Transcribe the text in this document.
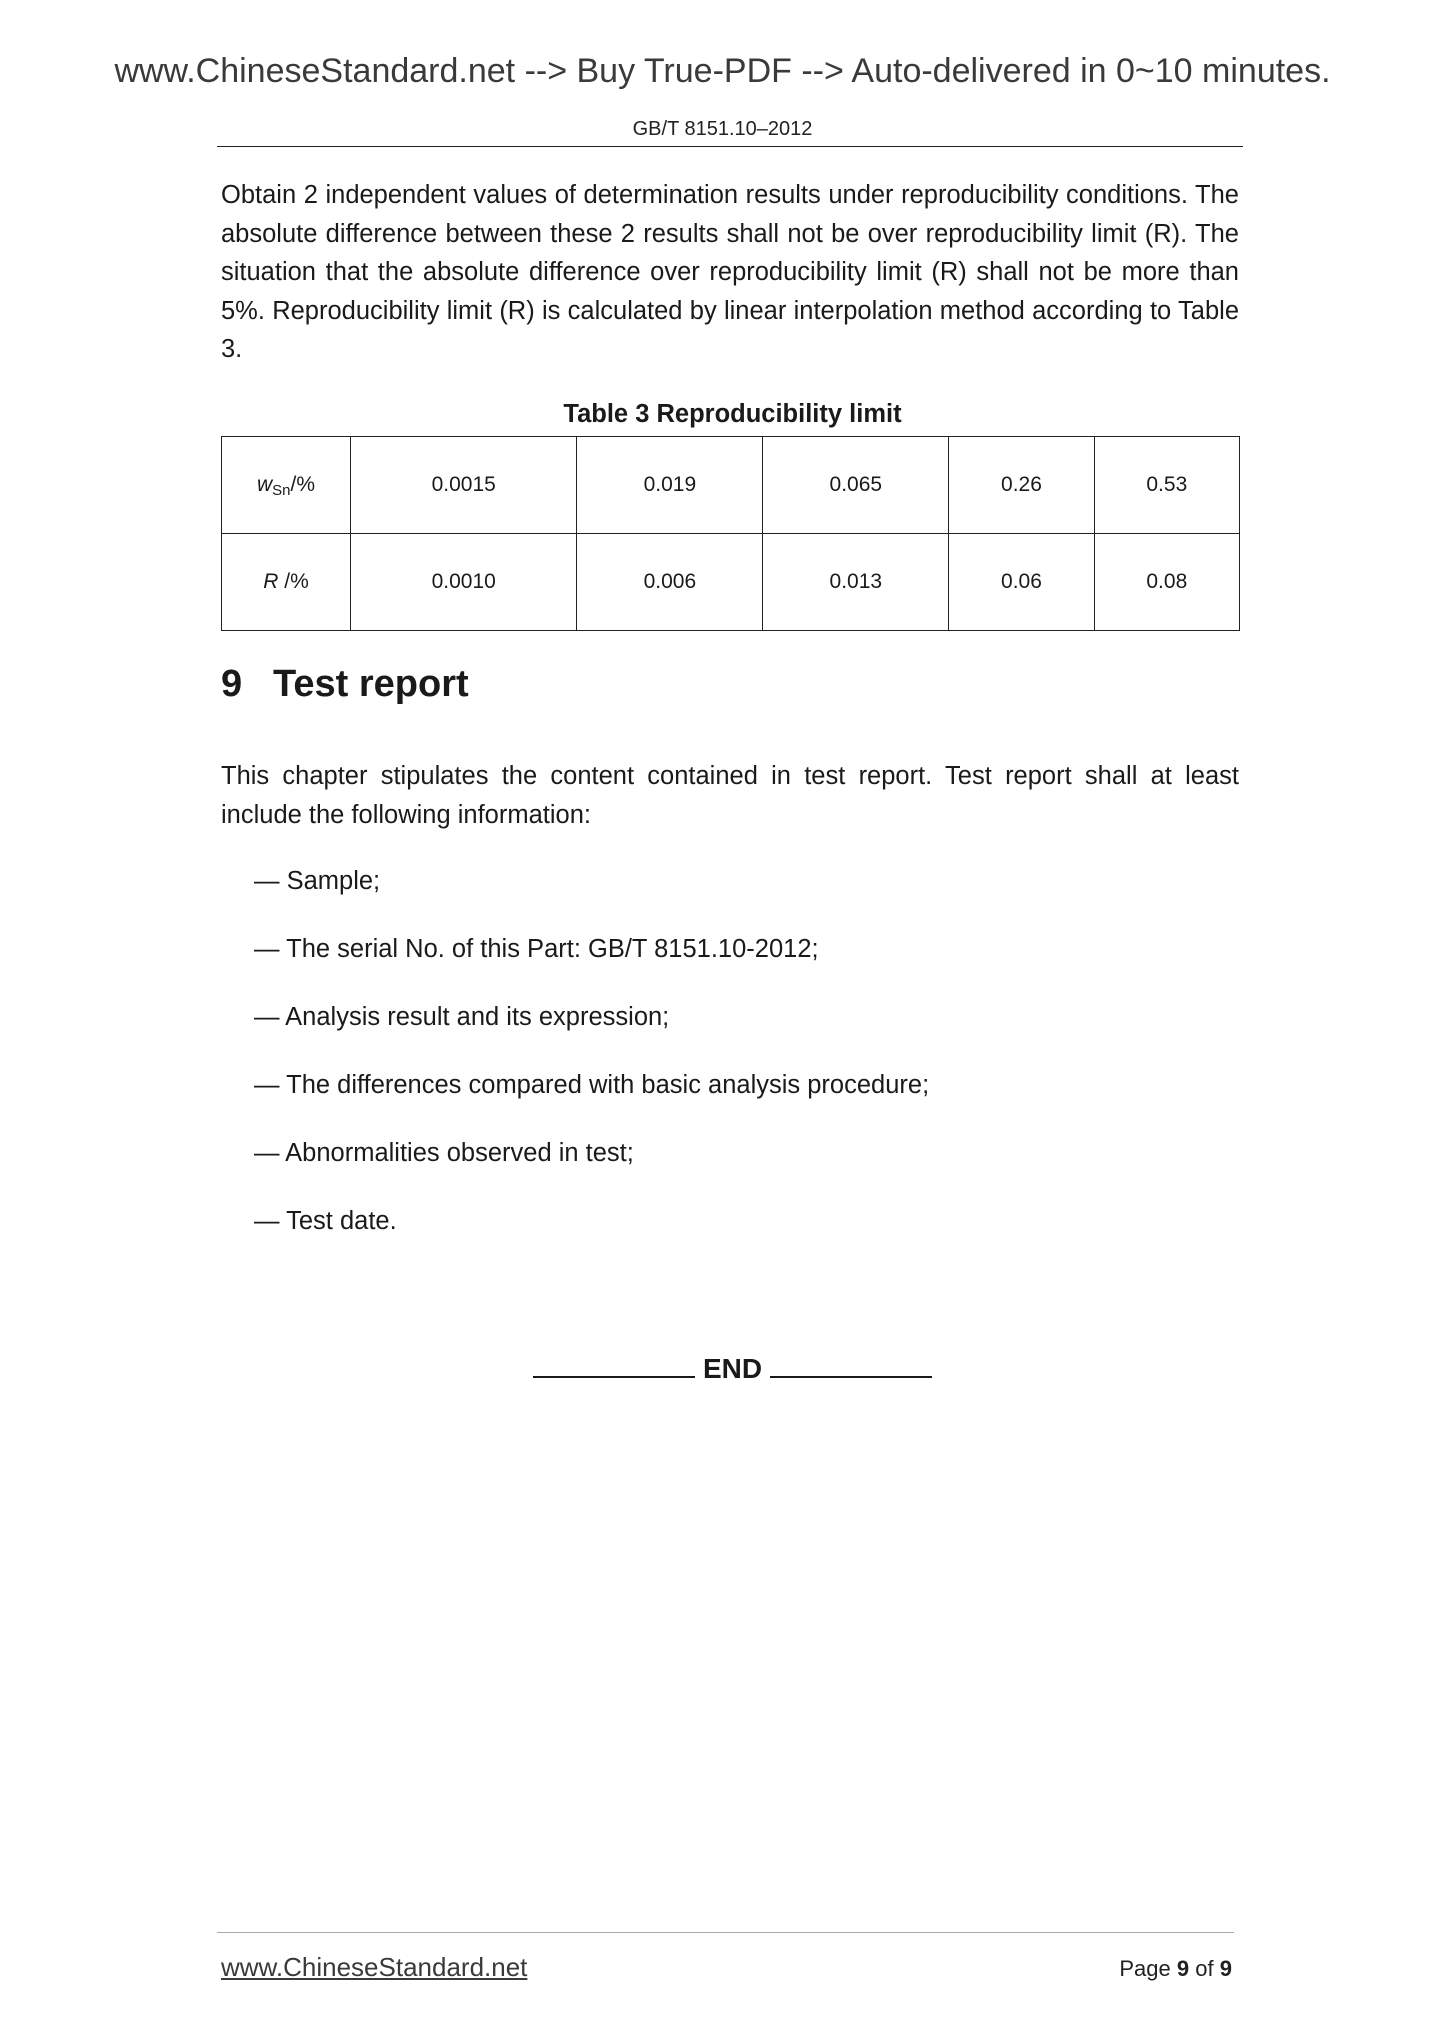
www.ChineseStandard.net --> Buy True-PDF --> Auto-delivered in 0~10 minutes.
GB/T 8151.10–2012

Obtain 2 independent values of determination results under reproducibility conditions. The absolute difference between these 2 results shall not be over reproducibility limit (R). The situation that the absolute difference over reproducibility limit (R) shall not be more than 5%. Reproducibility limit (R) is calculated by linear interpolation method according to Table 3.

Table 3 Reproducibility limit
wSn/%	0.0015	0.019	0.065	0.26	0.53
R /%	0.0010	0.006	0.013	0.06	0.08
9 Test report

This chapter stipulates the content contained in test report. Test report shall at least include the following information:

— Sample;
— The serial No. of this Part: GB/T 8151.10-2012;
— Analysis result and its expression;
— The differences compared with basic analysis procedure;
— Abnormalities observed in test;
— Test date.
END
www.ChineseStandard.net	Page 9 of 9
